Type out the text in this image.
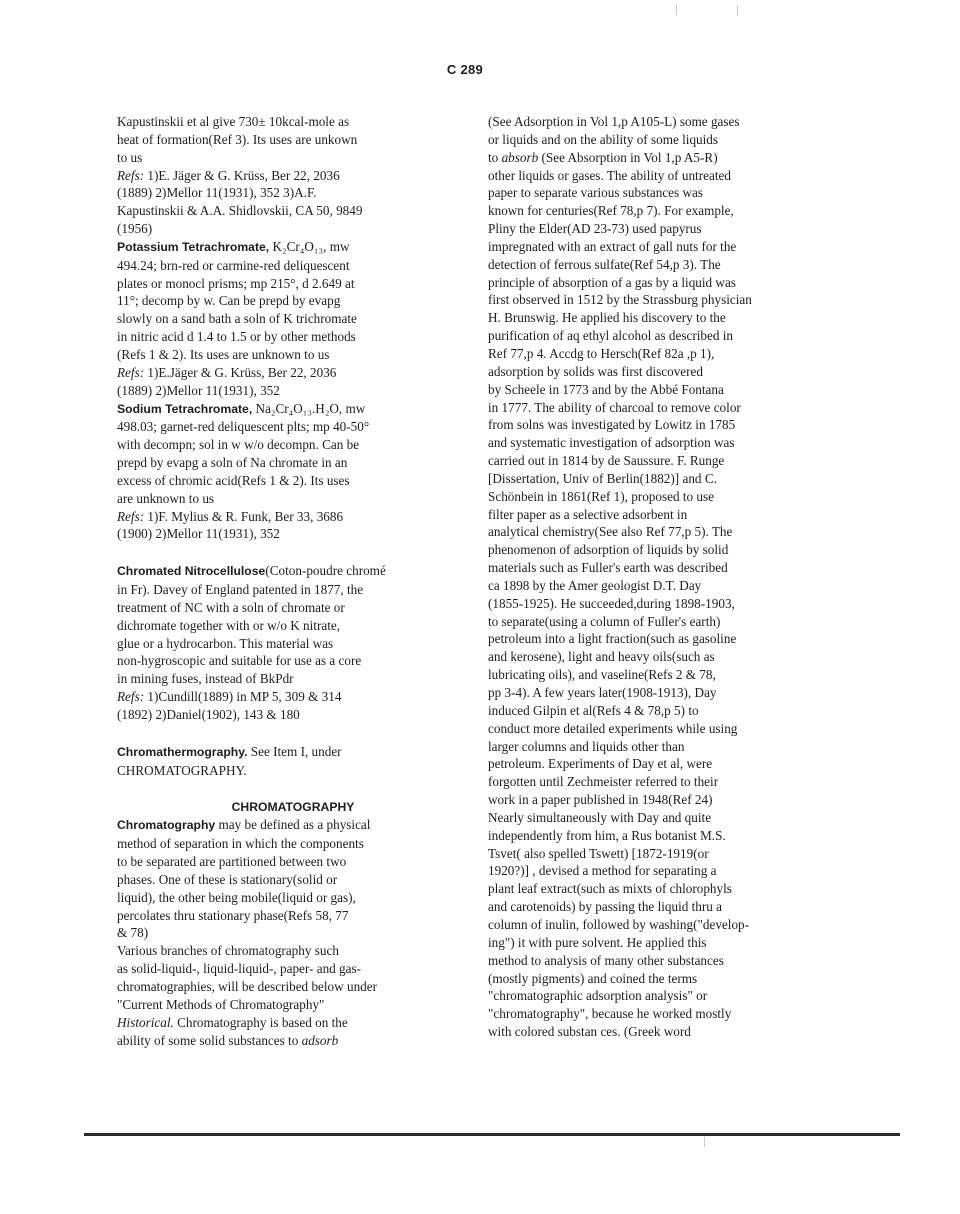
C 289
Kapustinskii et al give 730± 10kcal-mole as
heat of formation(Ref 3). Its uses are unkown
to us
Refs: 1)E. Jäger & G. Krüss, Ber 22, 2036
(1889) 2)Mellor 11(1931), 352 3)A.F.
Kapustinskii & A.A. Shidlovskii, CA 50, 9849
(1956)
Potassium Tetrachromate, K₂Cr₄O₁₃, mw
494.24; brn-red or carmine-red deliquescent
plates or monocl prisms; mp 215°, d 2.649 at
11°; decomp by w. Can be prepd by evapg
slowly on a sand bath a soln of K trichromate
in nitric acid d 1.4 to 1.5 or by other methods
(Refs 1 & 2). Its uses are unknown to us
Refs: 1)E.Jäger & G. Krüss, Ber 22, 2036
(1889) 2)Mellor 11(1931), 352
Sodium Tetrachromate, Na₂Cr₄O₁₃.H₂O, mw
498.03; garnet-red deliquescent plts; mp 40-50°
with decompn; sol in w w/o decompn. Can be
prepd by evapg a soln of Na chromate in an
excess of chromic acid(Refs 1 & 2). Its uses
are unknown to us
Refs: 1)F. Mylius & R. Funk, Ber 33, 3686
(1900) 2)Mellor 11(1931), 352
Chromated Nitrocellulose(Coton-poudre chromé
in Fr). Davey of England patented in 1877, the
treatment of NC with a soln of chromate or
dichromate together with or w/o K nitrate,
glue or a hydrocarbon. This material was
non-hygroscopic and suitable for use as a core
in mining fuses, instead of BkPdr
Refs: 1)Cundill(1889) in MP 5, 309 & 314
(1892) 2)Daniel(1902), 143 & 180
Chromathermography. See Item I, under
CHROMATOGRAPHY.
CHROMATOGRAPHY
Chromatography may be defined as a physical
method of separation in which the components
to be separated are partitioned between two
phases. One of these is stationary(solid or
liquid), the other being mobile(liquid or gas),
percolates thru stationary phase(Refs 58, 77
& 78)
Various branches of chromatography such
as solid-liquid-, liquid-liquid-, paper- and gas-
chromatographies, will be described below under
"Current Methods of Chromatography"
Historical. Chromatography is based on the
ability of some solid substances to adsorb
(See Adsorption in Vol 1,p A105-L) some gases
or liquids and on the ability of some liquids
to absorb (See Absorption in Vol 1,p A5-R)
other liquids or gases. The ability of untreated
paper to separate various substances was
known for centuries(Ref 78,p 7). For example,
Pliny the Elder(AD 23-73) used papyrus
impregnated with an extract of gall nuts for the
detection of ferrous sulfate(Ref 54,p 3). The
principle of absorption of a gas by a liquid was
first observed in 1512 by the Strassburg physician
H. Brunswig. He applied his discovery to the
purification of aq ethyl alcohol as described in
Ref 77,p 4. Accdg to Hersch(Ref 82a ,p 1),
adsorption by solids was first discovered
by Scheele in 1773 and by the Abbé Fontana
in 1777. The ability of charcoal to remove color
from solns was investigated by Lowitz in 1785
and systematic investigation of adsorption was
carried out in 1814 by de Saussure. F. Runge
[Dissertation, Univ of Berlin(1882)] and C.
Schönbein in 1861(Ref 1), proposed to use
filter paper as a selective adsorbent in
analytical chemistry(See also Ref 77,p 5). The
phenomenon of adsorption of liquids by solid
materials such as Fuller's earth was described
ca 1898 by the Amer geologist D.T. Day
(1855-1925). He succeeded,during 1898-1903,
to separate(using a column of Fuller's earth)
petroleum into a light fraction(such as gasoline
and kerosene), light and heavy oils(such as
lubricating oils), and vaseline(Refs 2 & 78,
pp 3-4). A few years later(1908-1913), Day
induced Gilpin et al(Refs 4 & 78,p 5) to
conduct more detailed experiments while using
larger columns and liquids other than
petroleum. Experiments of Day et al, were
forgotten until Zechmeister referred to their
work in a paper published in 1948(Ref 24)
Nearly simultaneously with Day and quite
independently from him, a Rus botanist M.S.
Tsvet( also spelled Tswett) [1872-1919(or
1920?)] , devised a method for separating a
plant leaf extract(such as mixts of chlorophyls
and carotenoids) by passing the liquid thru a
column of inulin, followed by washing("develop-
ing") it with pure solvent. He applied this
method to analysis of many other substances
(mostly pigments) and coined the terms
"chromatographic adsorption analysis" or
"chromatography", because he worked mostly
with colored substan ces. (Greek word
